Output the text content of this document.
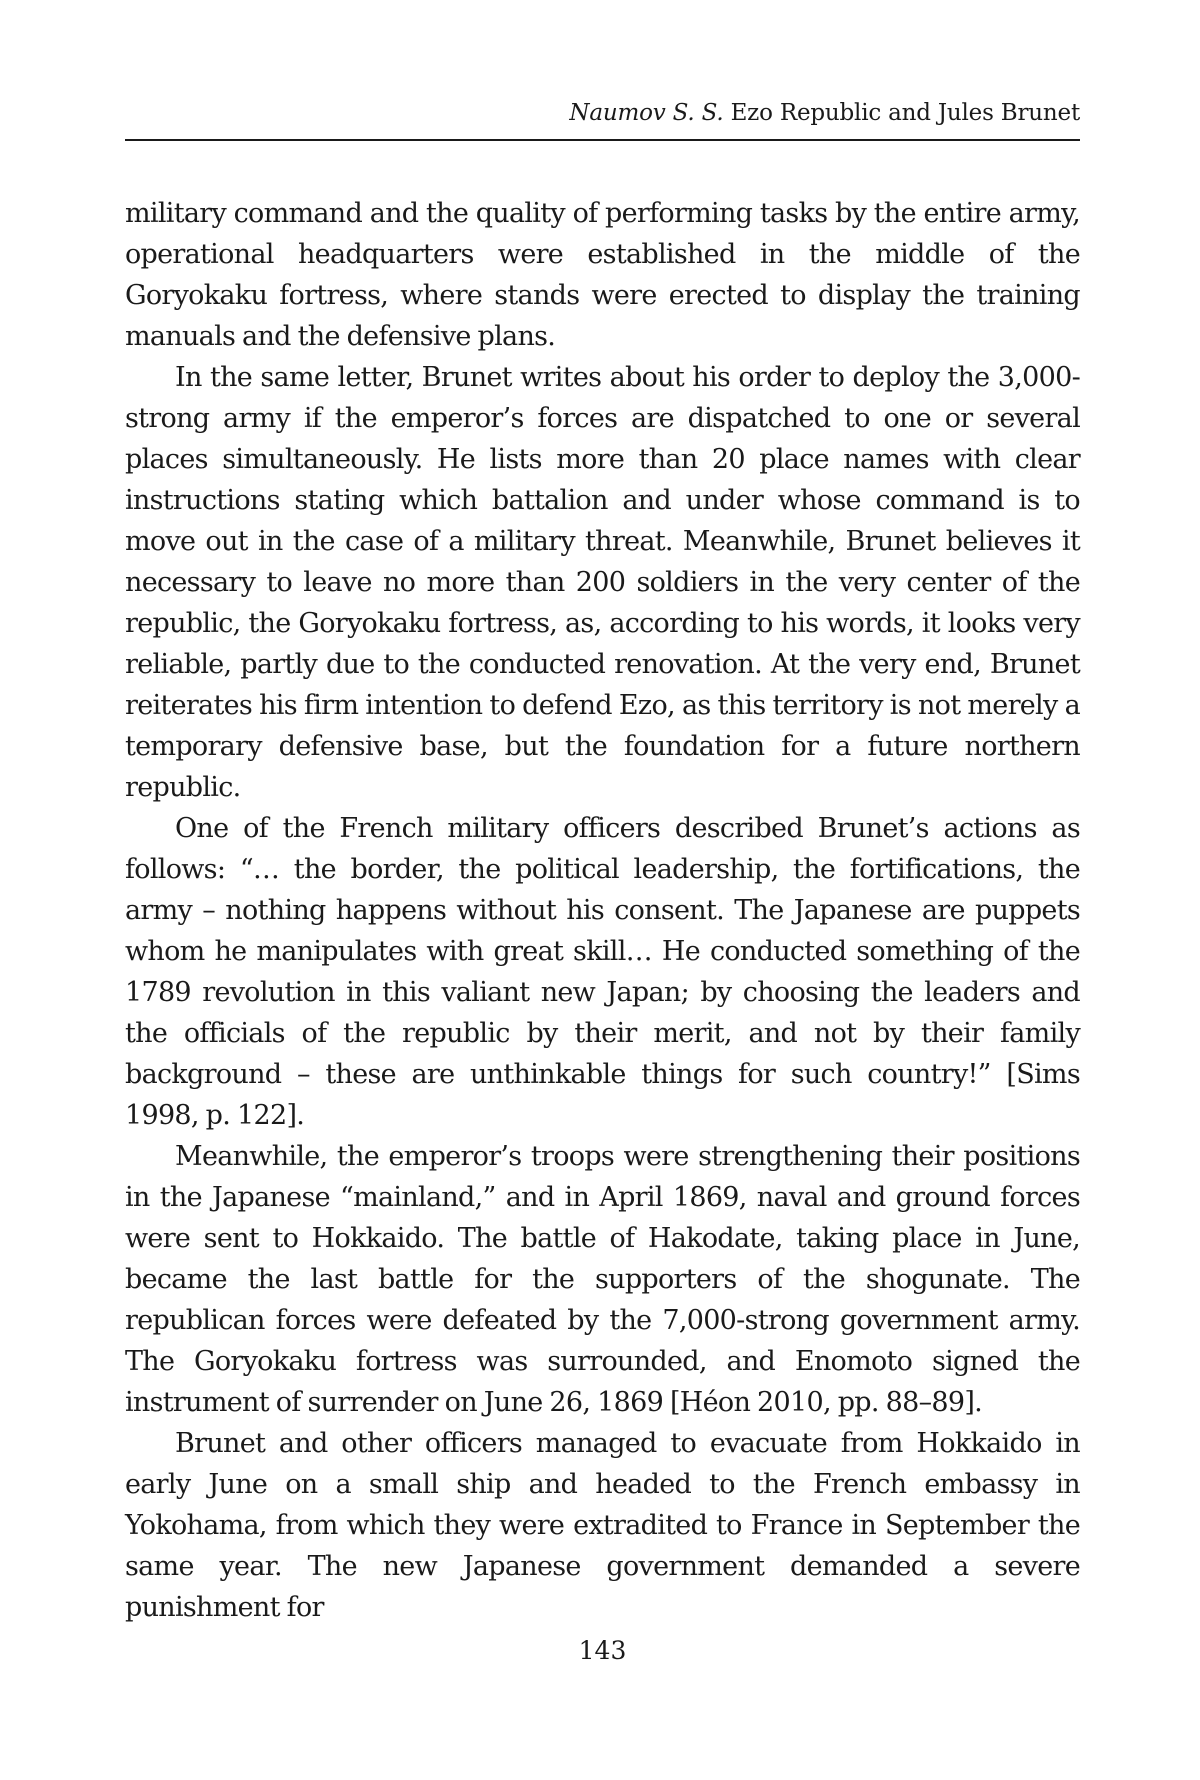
Naumov S. S. Ezo Republic and Jules Brunet

military command and the quality of performing tasks by the entire army, operational headquarters were established in the middle of the Goryokaku fortress, where stands were erected to display the training manuals and the defensive plans.

In the same letter, Brunet writes about his order to deploy the 3,000-strong army if the emperor’s forces are dispatched to one or several places simultaneously. He lists more than 20 place names with clear instructions stating which battalion and under whose command is to move out in the case of a military threat. Meanwhile, Brunet believes it necessary to leave no more than 200 soldiers in the very center of the republic, the Goryokaku fortress, as, according to his words, it looks very reliable, partly due to the conducted renovation. At the very end, Brunet reiterates his firm intention to defend Ezo, as this territory is not merely a temporary defensive base, but the foundation for a future northern republic.

One of the French military officers described Brunet’s actions as follows: “… the border, the political leadership, the fortifications, the army – nothing happens without his consent. The Japanese are puppets whom he manipulates with great skill… He conducted something of the 1789 revolution in this valiant new Japan; by choosing the leaders and the officials of the republic by their merit, and not by their family background – these are unthinkable things for such country!” [Sims 1998, p. 122].

Meanwhile, the emperor’s troops were strengthening their positions in the Japanese “mainland,” and in April 1869, naval and ground forces were sent to Hokkaido. The battle of Hakodate, taking place in June, became the last battle for the supporters of the shogunate. The republican forces were defeated by the 7,000-strong government army. The Goryokaku fortress was surrounded, and Enomoto signed the instrument of surrender on June 26, 1869 [Héon 2010, pp. 88–89].

Brunet and other officers managed to evacuate from Hokkaido in early June on a small ship and headed to the French embassy in Yokohama, from which they were extradited to France in September the same year. The new Japanese government demanded a severe punishment for

143
